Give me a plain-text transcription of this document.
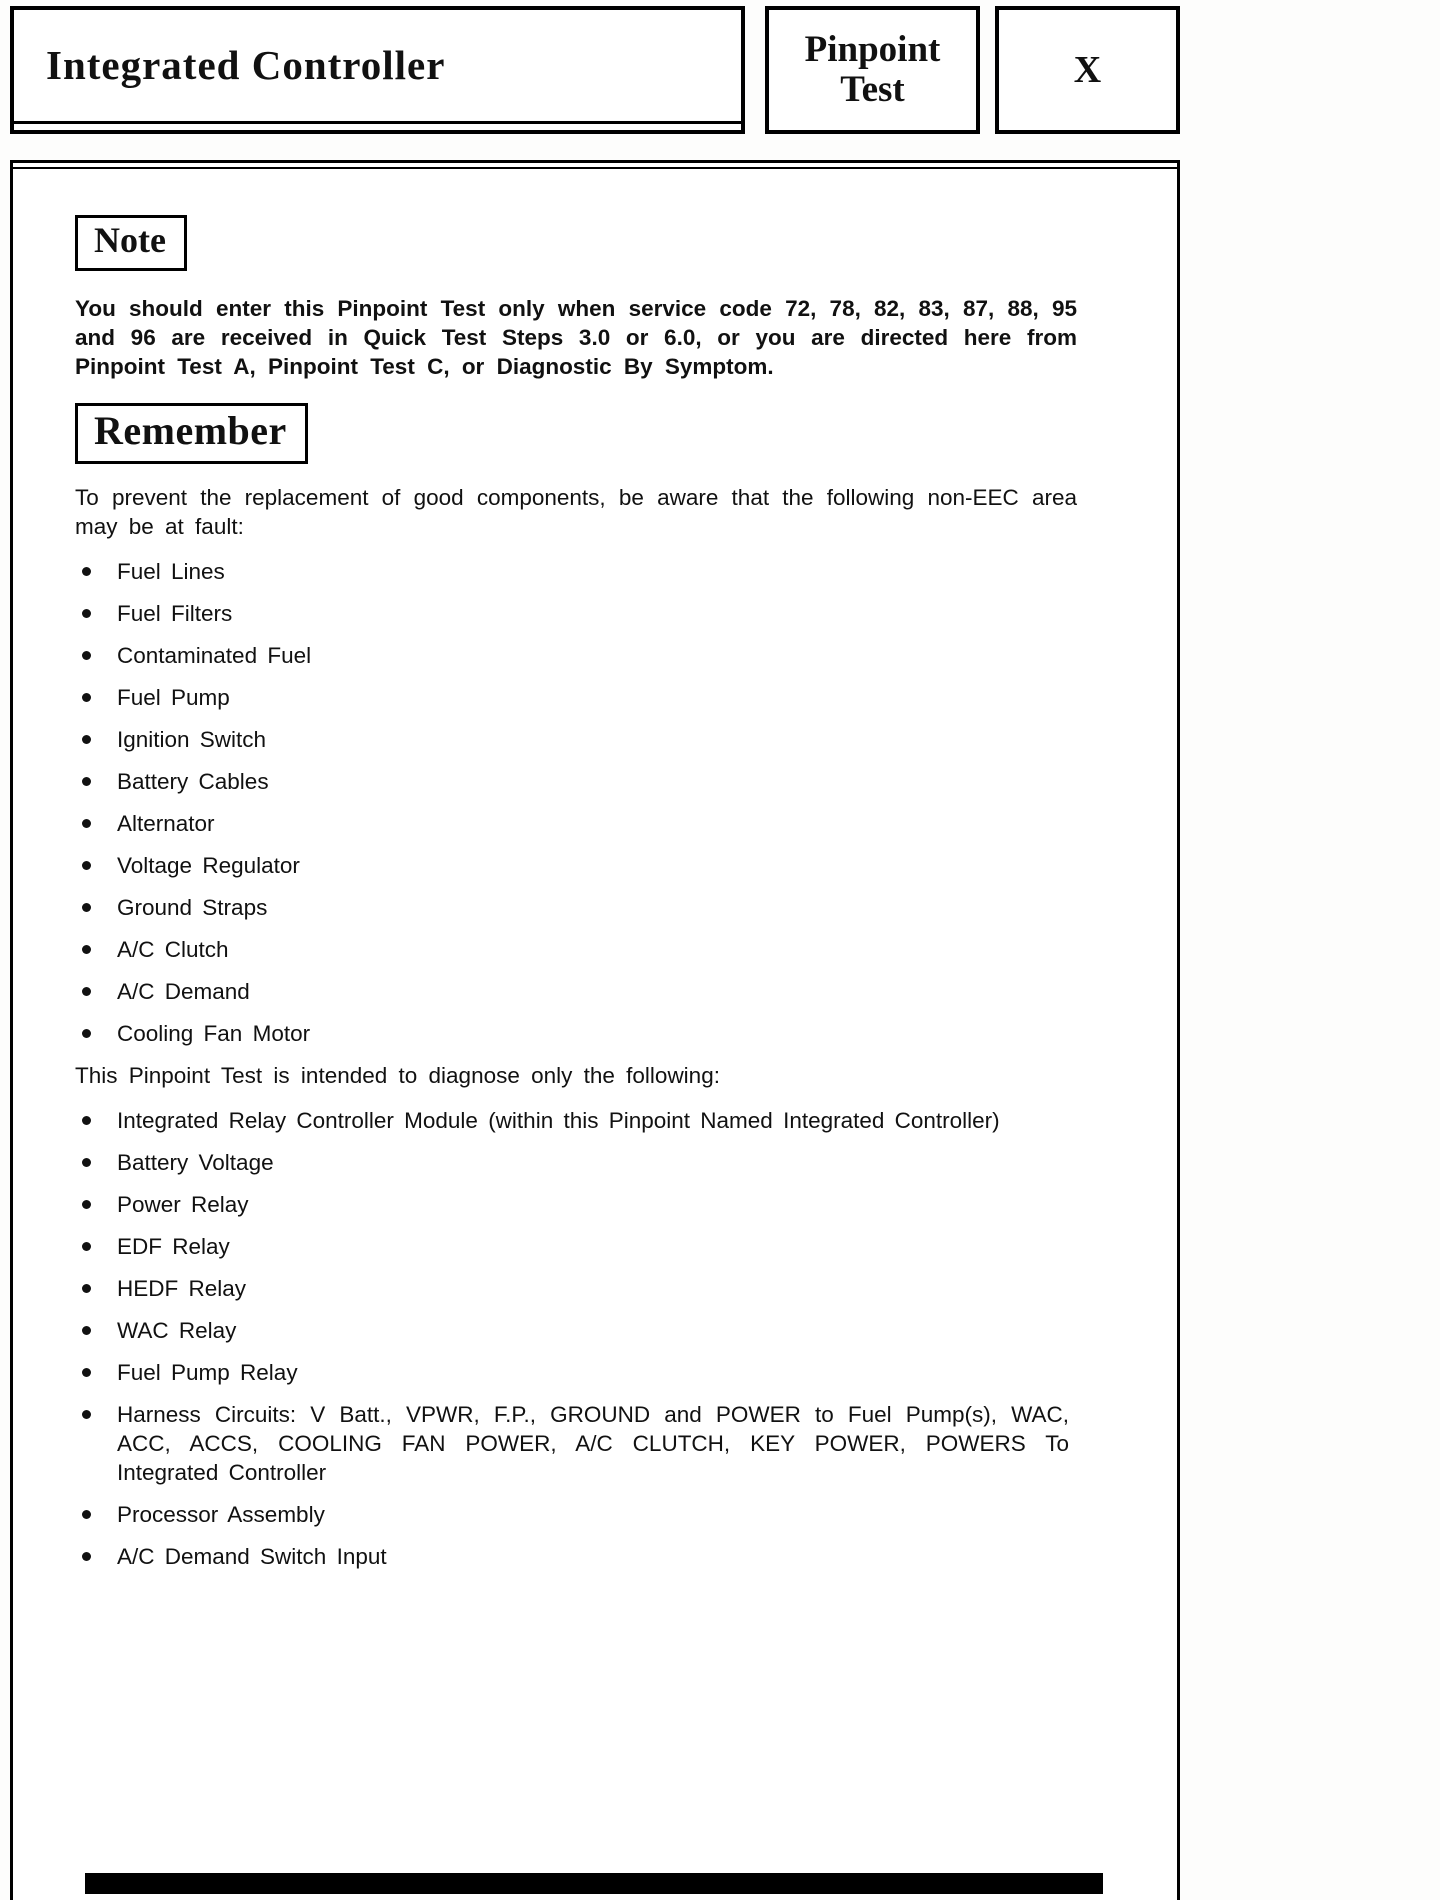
Integrated Controller	Pinpoint
Test	X
Note

You should enter this Pinpoint Test only when service code 72, 78, 82, 83, 87, 88, 95 and 96 are received in Quick Test Steps 3.0 or 6.0, or you are directed here from Pinpoint Test A, Pinpoint Test C, or Diagnostic By Symptom.

Remember

To prevent the replacement of good components, be aware that the following non-EEC area may be at fault:

Fuel Lines
Fuel Filters
Contaminated Fuel
Fuel Pump
Ignition Switch
Battery Cables
Alternator
Voltage Regulator
Ground Straps
A/C Clutch
A/C Demand
Cooling Fan Motor

This Pinpoint Test is intended to diagnose only the following:

Integrated Relay Controller Module (within this Pinpoint Named Integrated Controller)
Battery Voltage
Power Relay
EDF Relay
HEDF Relay
WAC Relay
Fuel Pump Relay
Harness Circuits: V Batt., VPWR, F.P., GROUND and POWER to Fuel Pump(s), WAC, ACC, ACCS, COOLING FAN POWER, A/C CLUTCH, KEY POWER, POWERS To Integrated Controller
Processor Assembly
A/C Demand Switch Input
